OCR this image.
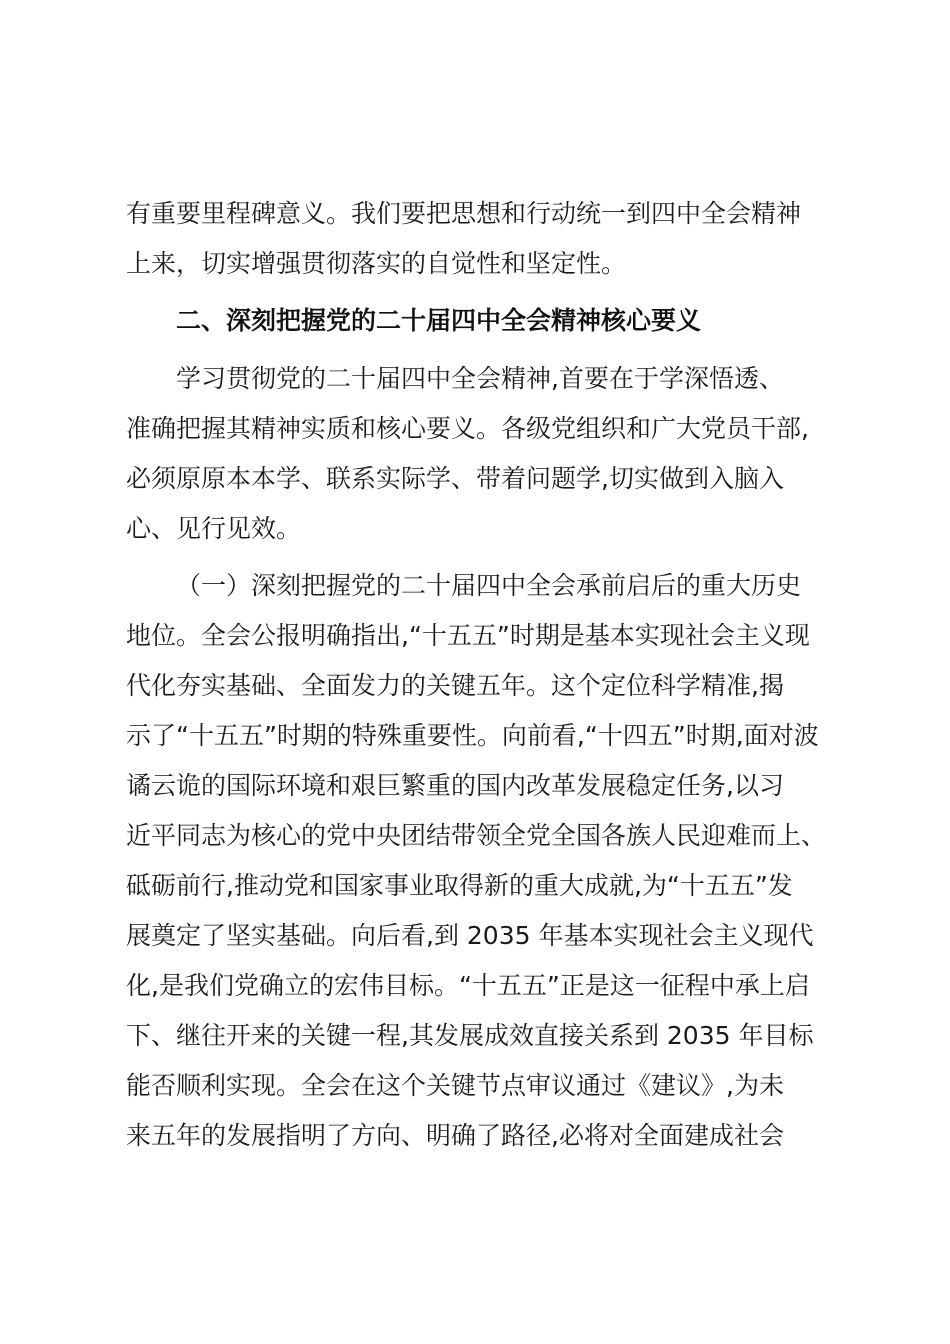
有重要里程碑意义。我们要把思想和行动统一到四中全会精神
上来，切实增强贯彻落实的自觉性和坚定性。
二、深刻把握党的二十届四中全会精神核心要义
学习贯彻党的二十届四中全会精神,首要在于学深悟透、
准确把握其精神实质和核心要义。各级党组织和广大党员干部,
必须原原本本学、联系实际学、带着问题学,切实做到入脑入
心、见行见效。
（一）深刻把握党的二十届四中全会承前启后的重大历史
地位。全会公报明确指出,“十五五”时期是基本实现社会主义现
代化夯实基础、全面发力的关键五年。这个定位科学精准,揭
示了“十五五”时期的特殊重要性。向前看,“十四五”时期,面对波
谲云诡的国际环境和艰巨繁重的国内改革发展稳定任务,以习
近平同志为核心的党中央团结带领全党全国各族人民迎难而上、
砥砺前行,推动党和国家事业取得新的重大成就,为“十五五”发
展奠定了坚实基础。向后看,到 2035 年基本实现社会主义现代
化,是我们党确立的宏伟目标。“十五五”正是这一征程中承上启
下、继往开来的关键一程,其发展成效直接关系到 2035 年目标
能否顺利实现。全会在这个关键节点审议通过《建议》,为未
来五年的发展指明了方向、明确了路径,必将对全面建成社会
